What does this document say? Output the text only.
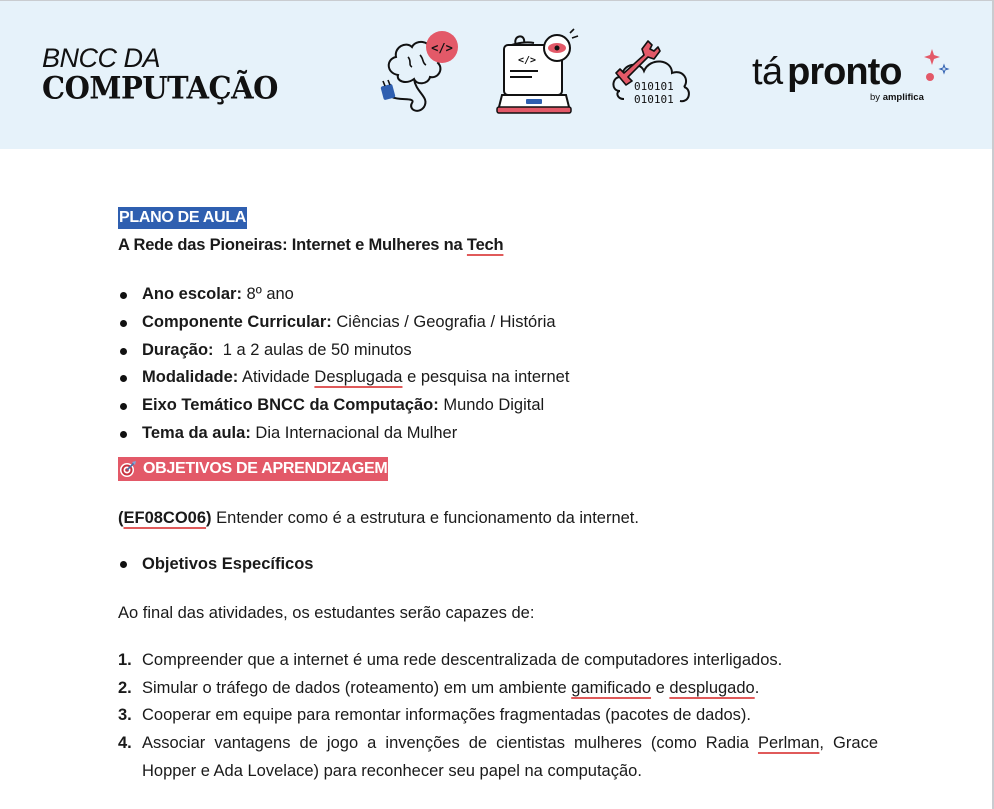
BNCC DA
COMPUTAÇÃO
</>
</>
010101
010101
tá pronto
by amplifica
PLANO DE AULA
A Rede das Pioneiras: Internet e Mulheres na Tech
Ano escolar: 8º ano
Componente Curricular: Ciências / Geografia / História
Duração:  1 a 2 aulas de 50 minutos
Modalidade: Atividade Desplugada e pesquisa na internet
Eixo Temático BNCC da Computação: Mundo Digital
Tema da aula: Dia Internacional da Mulher
OBJETIVOS DE APRENDIZAGEM
(EF08CO06) Entender como é a estrutura e funcionamento da internet.
Objetivos Específicos
Ao final das atividades, os estudantes serão capazes de:
1. Compreender que a internet é uma rede descentralizada de computadores interligados.
2. Simular o tráfego de dados (roteamento) em um ambiente gamificado e desplugado.
3. Cooperar em equipe para remontar informações fragmentadas (pacotes de dados).
4. Associar vantagens de jogo a invenções de cientistas mulheres (como Radia Perlman, Grace Hopper e Ada Lovelace) para reconhecer seu papel na computação.
